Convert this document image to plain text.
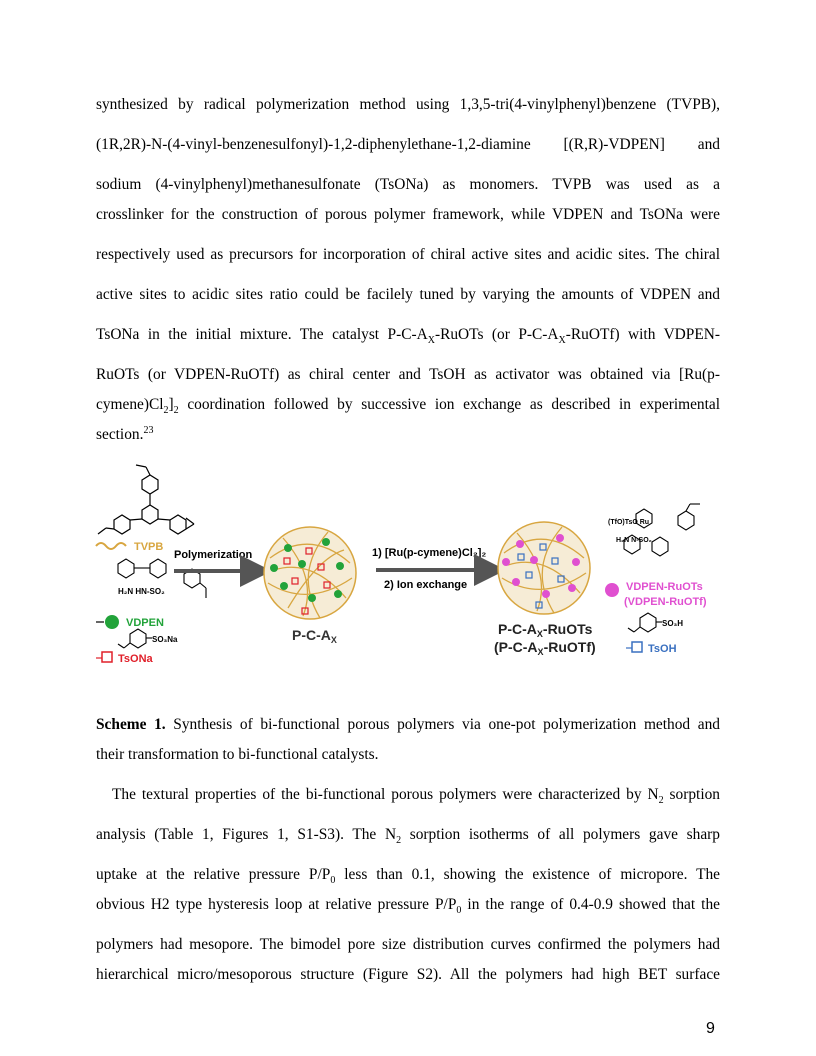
synthesized by radical polymerization method using 1,3,5-tri(4-vinylphenyl)benzene (TVPB),
(1R,2R)-N-(4-vinyl-benzenesulfonyl)-1,2-diphenylethane-1,2-diamine [(R,R)-VDPEN] and
sodium (4-vinylphenyl)methanesulfonate (TsONa) as monomers. TVPB was used as a
crosslinker for the construction of porous polymer framework, while VDPEN and TsONa were
respectively used as precursors for incorporation of chiral active sites and acidic sites. The chiral
active sites to acidic sites ratio could be facilely tuned by varying the amounts of VDPEN and
TsONa in the initial mixture. The catalyst $P-C-A_X$-RuOTs (or $P-C-A_X-RuOTf$) with VDPEN-
RuOTs (or VDPEN-RuOTf) as chiral center and TsOH as activator was obtained via [Ru(p-
$cymene)Cl_2]_2$ coordination followed by successive ion exchange as described in experimental
section.$^{23}$
TVPB
H₂N HN-SO₂
VDPEN
SO₃Na
TsONa
Polymerization
$P-C-A_X$
1) [Ru(p-cymene)Cl₂]₂
2) Ion exchange
$P-C-A_X$-RuOTs
$(P-C-A_X-RuOTf)$
(TfO)TsO Ru
H₂N N-SO₂
VDPEN-RuOTs
(VDPEN-RuOTf)
SO₃H
TsOH
Scheme 1. Synthesis of bi-functional porous polymers via one-pot polymerization method and
their transformation to bi-functional catalysts.
The textural properties of the bi-functional porous polymers were characterized by $N_2$ sorption
analysis (Table 1, Figures 1, S1-S3). The $N_2$ sorption isotherms of all polymers gave sharp
uptake at the relative pressure $P/P_0$ less than 0.1, showing the existence of micropore. The
obvious H2 type hysteresis loop at relative pressure $P/P_0$ in the range of 0.4-0.9 showed that the
polymers had mesopore. The bimodel pore size distribution curves confirmed the polymers had
hierarchical micro/mesoporous structure (Figure S2). All the polymers had high BET surface
9
